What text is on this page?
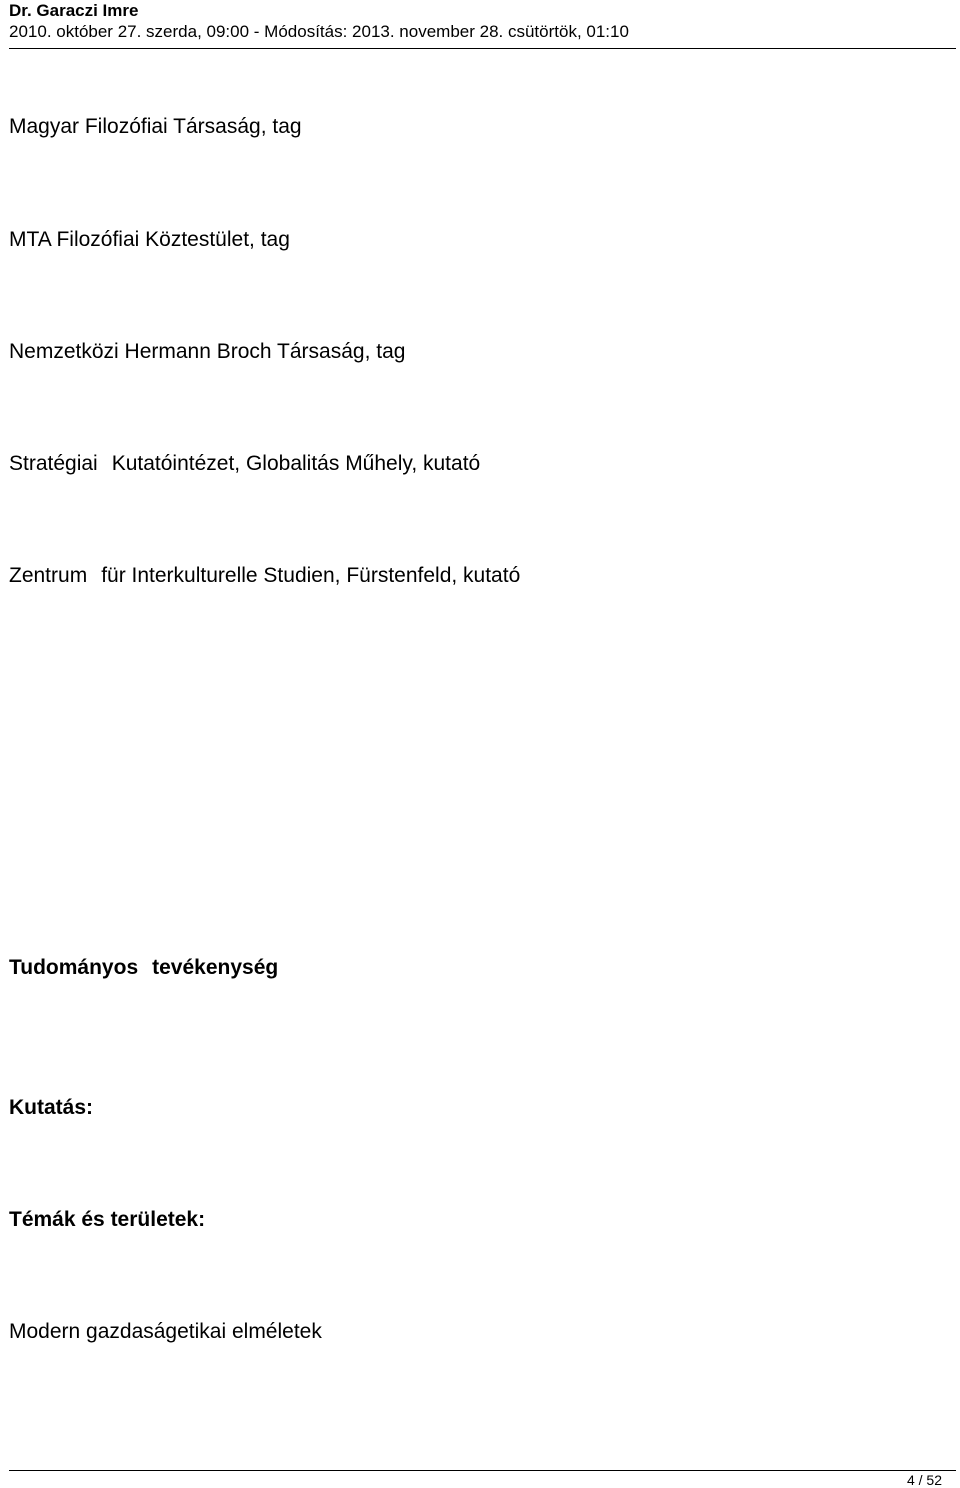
Dr. Garaczi Imre
2010. október 27. szerda, 09:00 - Módosítás: 2013. november 28. csütörtök, 01:10
Magyar Filozófiai Társaság, tag
MTA Filozófiai Köztestület, tag
Nemzetközi Hermann Broch Társaság, tag
Stratégiai Kutatóintézet, Globalitás Műhely, kutató
Zentrum für Interkulturelle Studien, Fürstenfeld, kutató
Tudományos tevékenység
Kutatás:
Témák és területek:
Modern gazdaságetikai elméletek
4 / 52
